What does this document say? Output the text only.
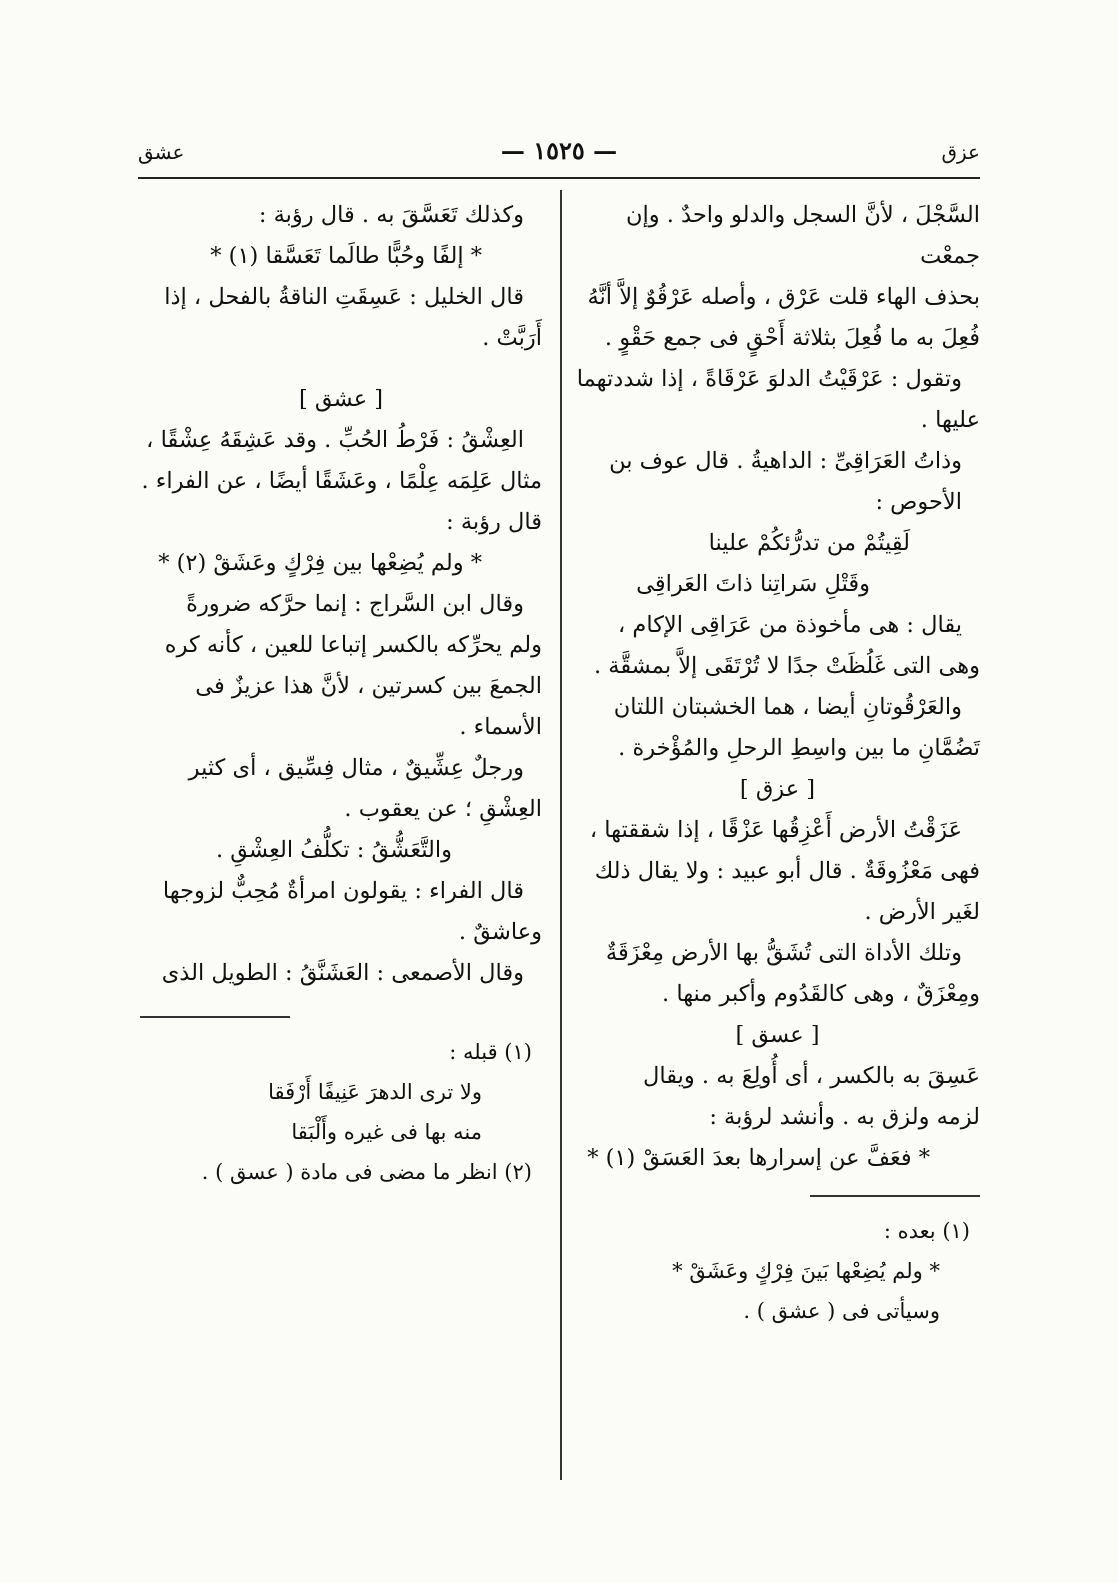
عزق
— ١٥٢٥ —
عشق

السَّجْلَ ، لأنَّ السجل والدلو واحدٌ . وإن جمعْت

بحذف الهاء قلت عَرْق ، وأصله عَرْقُوٌ إلاَّ أنَّهُ

فُعِلَ به ما فُعِلَ بثلاثة أَحْقٍ فى جمع حَقْوٍ .

وتقول : عَرْقَيْتُ الدلوَ عَرْقَاةً ، إذا شددتهما

عليها .

وذاتُ العَرَاقِىِّ : الداهيةُ . قال عوف بن الأحوص :

لَقِيتُمْ من تدرُّئكُمْ علينا

وقَتْلِ سَراتِنا ذاتَ العَراقِى

يقال : هى مأخوذة من عَرَاقِى الإكام ،

وهى التى غَلُظَتْ جدًا لا تُرْتَقَى إلاَّ بمشقَّة .

والعَرْقُوتانِ أيضا ، هما الخشبتان اللتان

تَضُمَّانِ ما بين واسِطِ الرحلِ والمُؤْخرة .

[ عزق ]

عَزَقْتُ الأرض أَعْزِقُها عَزْقًا ، إذا شققتها ،

فهى مَعْزُوقَةٌ . قال أبو عبيد : ولا يقال ذلك

لغَير الأرض .

وتلك الأداة التى تُشَقُّ بها الأرض مِعْزَقَةٌ

ومِعْزَقٌ ، وهى كالقَدُوم وأكبر منها .

[ عسق ]

عَسِقَ به بالكسر ، أى أُولِعَ به . ويقال

لزمه ولزق به . وأنشد لرؤبة :

* فعَفَّ عن إسرارها بعدَ العَسَقْ (١) *

(١) بعده :

* ولم يُضِعْها بَينَ فِرْكٍ وعَشَقْ *

وسيأتى فى ( عشق ) .

وكذلك تَعَسَّقَ به . قال رؤبة :

* إلفًا وحُبًّا طالَما تَعَسَّقا (١) *

قال الخليل : عَسِقَتِ الناقةُ بالفحل ، إذا

أَرَبَّتْ .

[ عشق ]

العِشْقُ : فَرْطُ الحُبِّ . وقد عَشِقَهُ عِشْقًا ،

مثال عَلِمَه عِلْمًا ، وعَشَقًا أيضًا ، عن الفراء .

قال رؤبة :

* ولم يُضِعْها بين فِرْكٍ وعَشَقْ (٢) *

وقال ابن السَّراج : إنما حرَّكه ضرورةً

ولم يحرِّكه بالكسر إتباعا للعين ، كأنه كره

الجمعَ بين كسرتين ، لأنَّ هذا عزيزٌ فى

الأسماء .

ورجلٌ عِشِّيقٌ ، مثال فِسِّيق ، أى كثير

العِشْقِ ؛ عن يعقوب .

والتَّعَشُّقُ : تكلُّفُ العِشْقِ .

قال الفراء : يقولون امرأةٌ مُحِبٌّ لزوجها

وعاشقٌ .

وقال الأصمعى : العَشَنَّقُ : الطويل الذى

(١) قبله :

ولا ترى الدهرَ عَنِيفًا أَرْفَقا

منه بها فى غيره وأَلْبَقا

(٢) انظر ما مضى فى مادة ( عسق ) .
